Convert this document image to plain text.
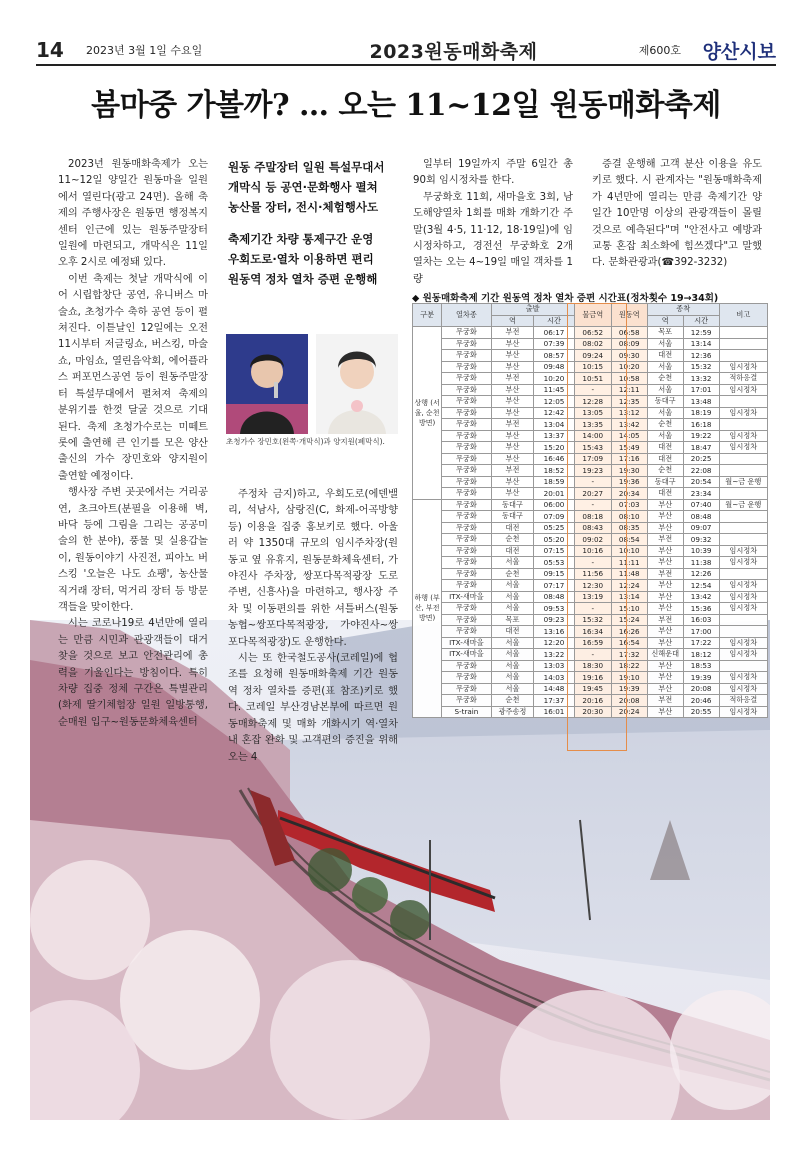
14	2023년 3월 1일 수요일	2023원동매화축제	제600호	양산시보
봄마중 가볼까? … 오는 11~12일 원동매화축제

2023년 원동매화축제가 오는 11~12일 양일간 원동마을 일원에서 열린다(광고 24면). 올해 축제의 주행사장은 원동면 행정복지센터 인근에 있는 원동주말장터 일원에 마련되고, 개막식은 11일 오후 2시로 예정돼 있다.

이번 축제는 첫날 개막식에 이어 시립합창단 공연, 유니버스 마술쇼, 초청가수 축하 공연 등이 펼쳐진다. 이튿날인 12일에는 오전 11시부터 저글링쇼, 버스킹, 마술쇼, 마임쇼, 열린음악회, 에어플라스 퍼포먼스공연 등이 원동주말장터 특설무대에서 펼쳐져 축제의 분위기를 한껏 달굴 것으로 기대된다. 축제 초청가수로는 미떼트롯에 출연해 큰 인기를 모은 양산출신의 가수 장민호와 양지원이 출연할 예정이다.

행사장 주변 곳곳에서는 거리공연, 초크아트(분필을 이용해 벽, 바닥 등에 그림을 그리는 공공미술의 한 분야), 풍물 및 실용갑놀이, 원동이야기 사진전, 피아노 버스킹 '오늘은 나도 쇼팽', 농산물 직거래 장터, 먹거리 장터 등 방문객들을 맞이한다.

시는 코로나19로 4년만에 열리는 만큼 시민과 관광객들이 대거 찾을 것으로 보고 안전관리에 총력을 기울인다는 방침이다. 특히 차량 집중 정체 구간은 특별관리(화제 딸기체험장 일원 일방통행, 순매원 입구~원동문화체육센터

원동 주말장터 일원 특설무대서
개막식 등 공연·문화행사 펼쳐
농산물 장터, 전시·체험행사도
축제기간 차량 통제구간 운영
우회도로·열차 이용하면 편리
원동역 정차 열차 증편 운행해
초청가수 장민호(왼쪽·개막식)과 양지원(폐막식).

주정차 금지)하고, 우회도로(에덴밸리, 석남사, 삼랑진(C, 화제-어곡방향 등) 이용을 집중 홍보키로 했다. 아울러 약 1350대 규모의 임시주차장(원동교 옆 유휴지, 원동문화체육센터, 가야진사 주차장, 쌍포다목적광장 도로 주변, 신흥사)을 마련하고, 행사장 주차 및 이동편의를 위한 셔틀버스(원동농협~쌍포다목적광장, 가야진사~쌍포다목적광장)도 운행한다.

시는 또 한국철도공사(코레일)에 협조를 요청해 원동매화축제 기간 원동역 정차 열차를 증편(표 참조)키로 했다. 코레일 부산경남본부에 따르면 원동매화축제 및 매화 개화시기 역·열차내 혼잡 완화 및 고객편의 증진을 위해 오는 4

일부터 19일까지 주말 6일간 총 90회 임시정차를 한다.

무궁화호 11회, 새마을호 3회, 남도해양열차 1회를 매화 개화기간 주말(3월 4·5, 11·12, 18·19일)에 임시정차하고, 경전선 무궁화호 2개 열차는 오는 4~19일 매일 객차를 1량

증결 운행해 고객 분산 이용을 유도키로 했다. 시 관계자는 "원동매화축제가 4년만에 열리는 만큼 축제기간 양일간 10만명 이상의 관광객들이 몰릴 것으로 예측된다"며 "안전사고 예방과 교통 혼잡 최소화에 힘쓰겠다"고 말했다. 문화관광과(☎392-3232)

◆ 원동매화축제 기간 원동역 정차 열차 증편 시간표(정차횟수 19→34회)
구분	열차종	출발		물금역	원동역	종착		비고
		역	시간			역	시간	
상행 (서울, 순천 방면)	무궁화	부전	06:17	06:52	06:58	목포	12:59	
	무궁화	부산	07:39	08:02	08:09	서울	13:14	
	무궁화	부산	08:57	09:24	09:30	대전	12:36	
	무궁화	부산	09:48	10:15	10:20	서울	15:32	임시정차
	무궁화	부전	10:20	10:51	10:58	순천	13:32	적하응결
	무궁화	부산	11:45	-	12:11	서울	17:01	임시정차
	무궁화	부산	12:05	12:28	12:35	동대구	13:48	
	무궁화	부산	12:42	13:05	13:12	서울	18:19	임시정차
	무궁화	부전	13:04	13:35	13:42	순천	16:18	
	무궁화	부산	13:37	14:00	14:05	서울	19:22	임시정차
	무궁화	부산	15:20	15:43	15:49	대전	18:47	임시정차
	무궁화	부산	16:46	17:09	17:16	대전	20:25	
	무궁화	부전	18:52	19:23	19:30	순천	22:08	
	무궁화	부산	18:59	-	19:36	동대구	20:54	월~금 운행
	무궁화	부산	20:01	20:27	20:34	대전	23:34	
하행 (부산, 부전 방면)	무궁화	동대구	06:00	-	07:03	부산	07:40	월~금 운행
	무궁화	동대구	07:09	08:18	08:10	부산	08:48	
	무궁화	대전	05:25	08:43	08:35	부산	09:07	
	무궁화	순천	05:20	09:02	08:54	부전	09:32	
	무궁화	대전	07:15	10:16	10:10	부산	10:39	임시정차
	무궁화	서울	05:53	-	11:11	부산	11:38	임시정차
	무궁화	순천	09:15	11:56	11:48	부전	12:26	
	무궁화	서울	07:17	12:30	12:24	부산	12:54	임시정차
	ITX-새마을	서울	08:48	13:19	13:14	부산	13:42	임시정차
	무궁화	서울	09:53	-	15:10	부산	15:36	임시정차
	무궁화	목포	09:23	15:32	15:24	부전	16:03	
	무궁화	대전	13:16	16:34	16:26	부산	17:00	
	ITX-새마을	서울	12:20	16:59	16:54	부산	17:22	임시정차
	ITX-새마을	서울	13:22	-	17:32	신해운대	18:12	임시정차
	무궁화	서울	13:03	18:30	18:22	부산	18:53	
	무궁화	서울	14:03	19:16	19:10	부산	19:39	임시정차
	무궁화	서울	14:48	19:45	19:39	부산	20:08	임시정차
	무궁화	순천	17:37	20:16	20:08	부전	20:46	적하응결
	S-train	광주송정	16:01	20:30	20:24	부산	20:55	임시정차
